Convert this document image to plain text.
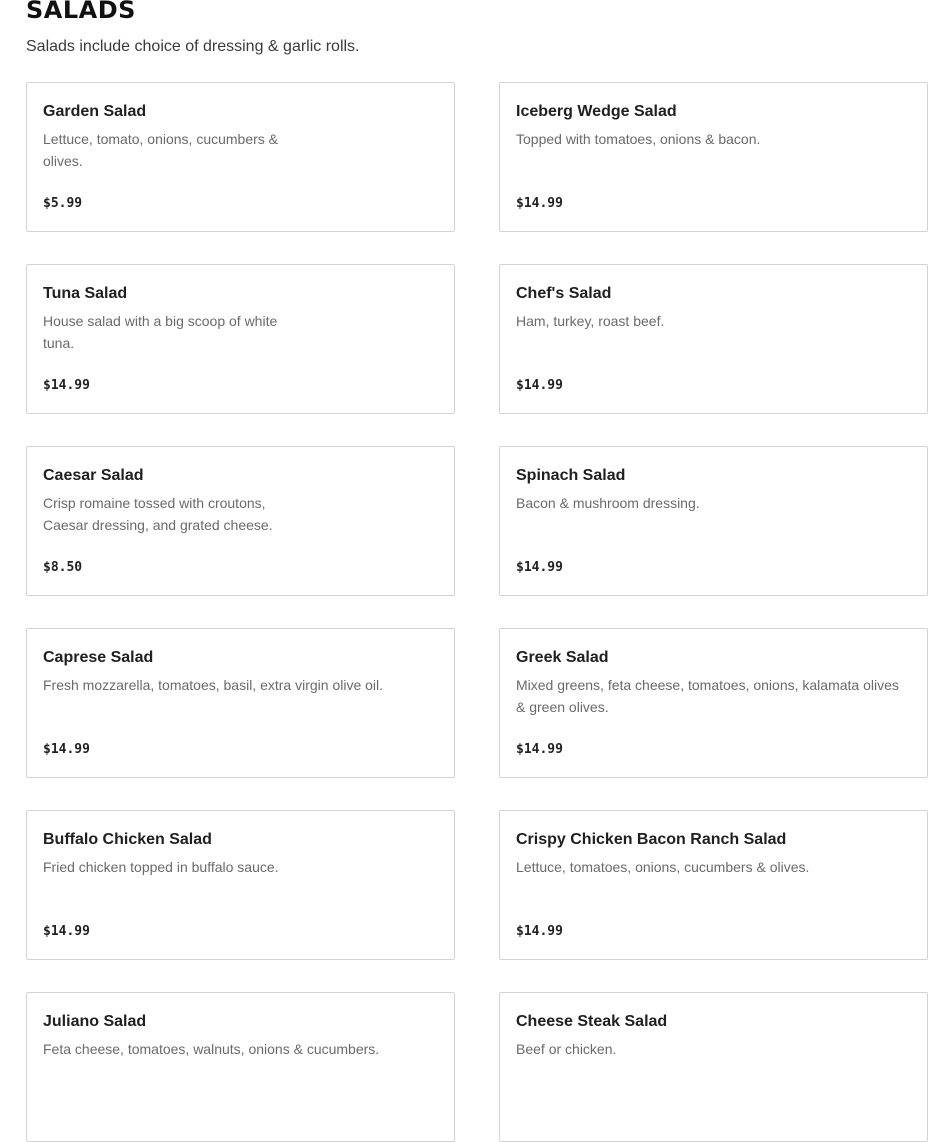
SALADS

Salads include choice of dressing & garlic rolls.

Garden Salad
Lettuce, tomato, onions, cucumbers & olives.
$5.99
Iceberg Wedge Salad
Topped with tomatoes, onions & bacon.
$14.99
Tuna Salad
House salad with a big scoop of white tuna.
$14.99
Chef's Salad
Ham, turkey, roast beef.
$14.99
Caesar Salad
Crisp romaine tossed with croutons, Caesar dressing, and grated cheese.
$8.50
Spinach Salad
Bacon & mushroom dressing.
$14.99
Caprese Salad
Fresh mozzarella, tomatoes, basil, extra virgin olive oil.
$14.99
Greek Salad
Mixed greens, feta cheese, tomatoes, onions, kalamata olives & green olives.
$14.99
Buffalo Chicken Salad
Fried chicken topped in buffalo sauce.
$14.99
Crispy Chicken Bacon Ranch Salad
Lettuce, tomatoes, onions, cucumbers & olives.
$14.99
Juliano Salad
Feta cheese, tomatoes, walnuts, onions & cucumbers.
Cheese Steak Salad
Beef or chicken.
